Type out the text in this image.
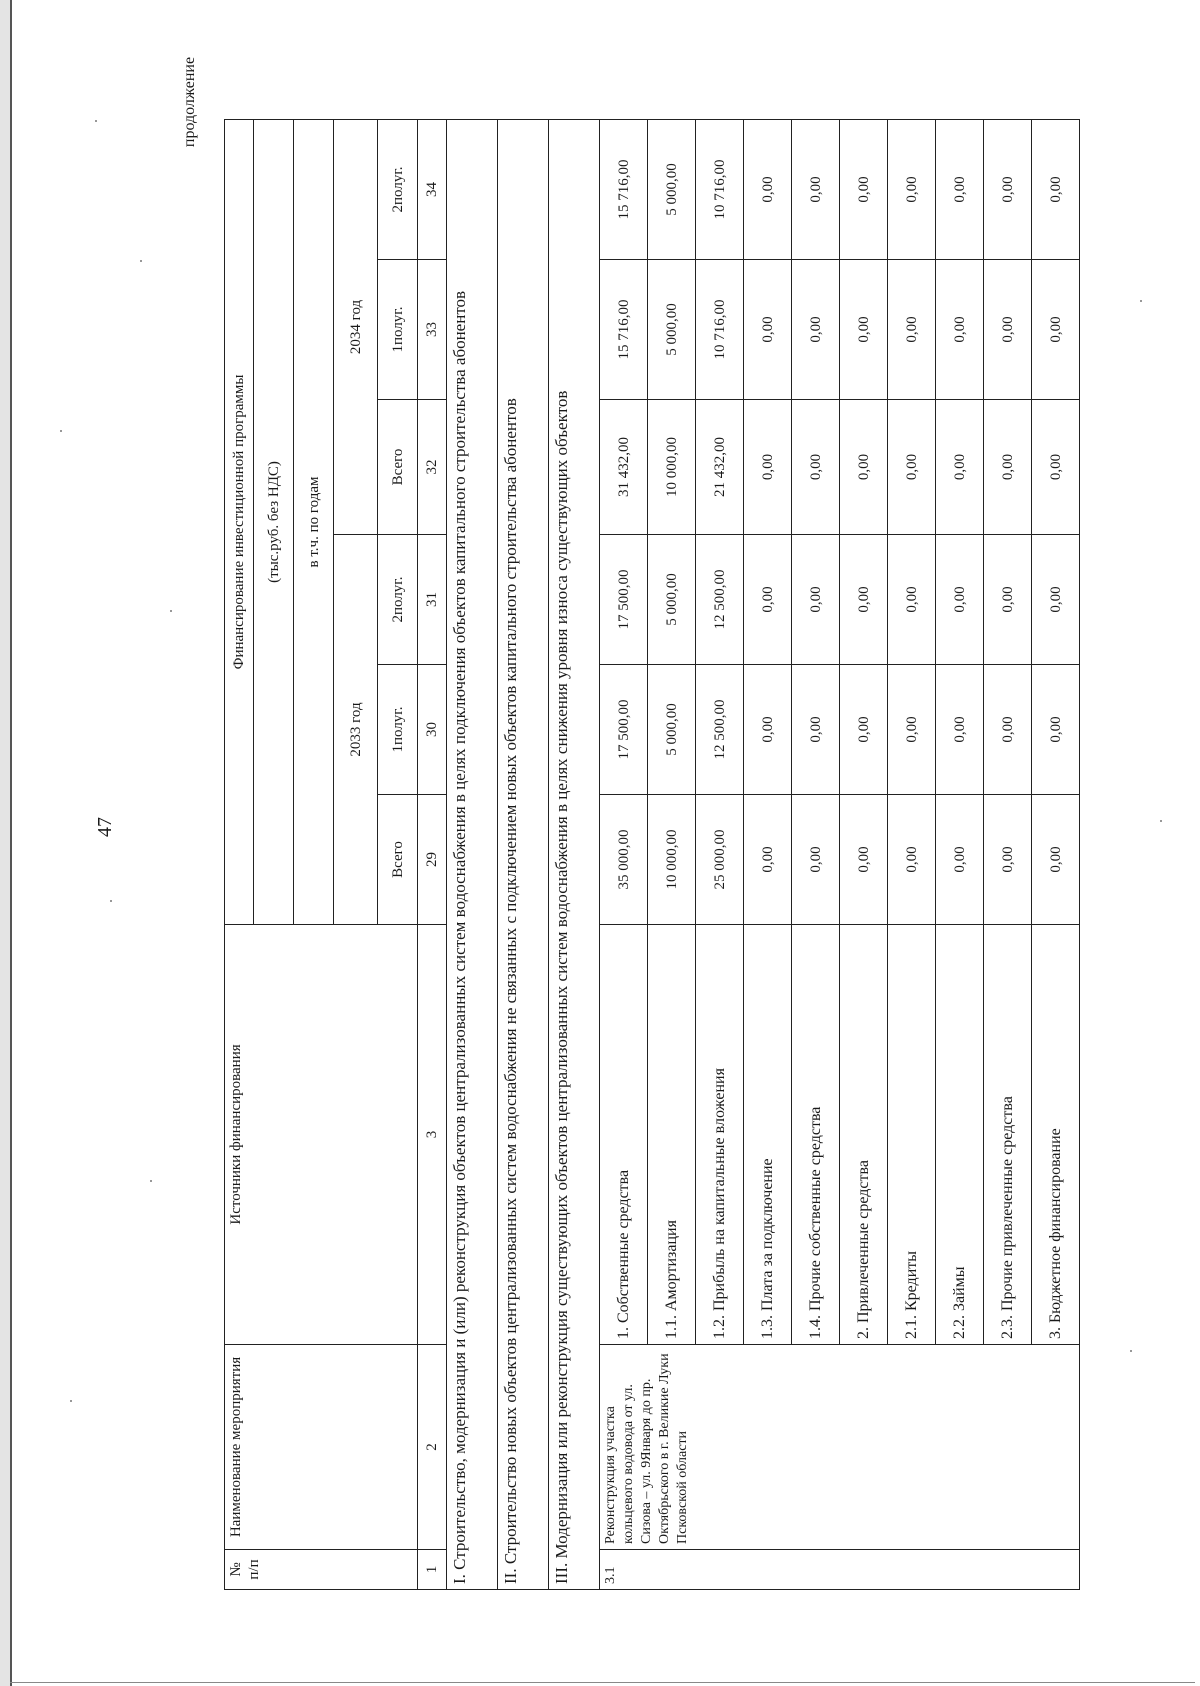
47
продолжение
№ п/п	Наименование мероприятия	Источники финансирования	Финансирование инвестиционной программы					
			(тыс.руб. без НДС)					
			в т.ч. по годам					
			2033 год			2034 год		
			Всего	1полуг.	2полуг.	Всего	1полуг.	2полуг.
1	2	3	29	30	31	32	33	34
I. Строительство, модернизация и (или) реконструкция объектов централизованных систем водоснабжения в целях подключения объектов капитального строительства абонентов								
II. Строительство новых объектов централизованных систем водоснабжения не связанных с подключением новых объектов капитального строительства абонентов								
III. Модернизация или реконструкция существующих объектов централизованных систем водоснабжения в целях снижения уровня износа существующих объектов								
3.1	Реконструкция участка кольцевого водовода от ул. Сизова – ул. 9Января до пр. Октябрьского в г. Великие Луки Псковской области	1. Собственные средства	35 000,00	17 500,00	17 500,00	31 432,00	15 716,00	15 716,00
		1.1. Амортизация	10 000,00	5 000,00	5 000,00	10 000,00	5 000,00	5 000,00
		1.2. Прибыль на капитальные вложения	25 000,00	12 500,00	12 500,00	21 432,00	10 716,00	10 716,00
		1.3. Плата за подключение	0,00	0,00	0,00	0,00	0,00	0,00
		1.4. Прочие собственные средства	0,00	0,00	0,00	0,00	0,00	0,00
		2. Привлеченные средства	0,00	0,00	0,00	0,00	0,00	0,00
		2.1. Кредиты	0,00	0,00	0,00	0,00	0,00	0,00
		2.2. Займы	0,00	0,00	0,00	0,00	0,00	0,00
		2.3. Прочие привлеченные средства	0,00	0,00	0,00	0,00	0,00	0,00
		3. Бюджетное финансирование	0,00	0,00	0,00	0,00	0,00	0,00
